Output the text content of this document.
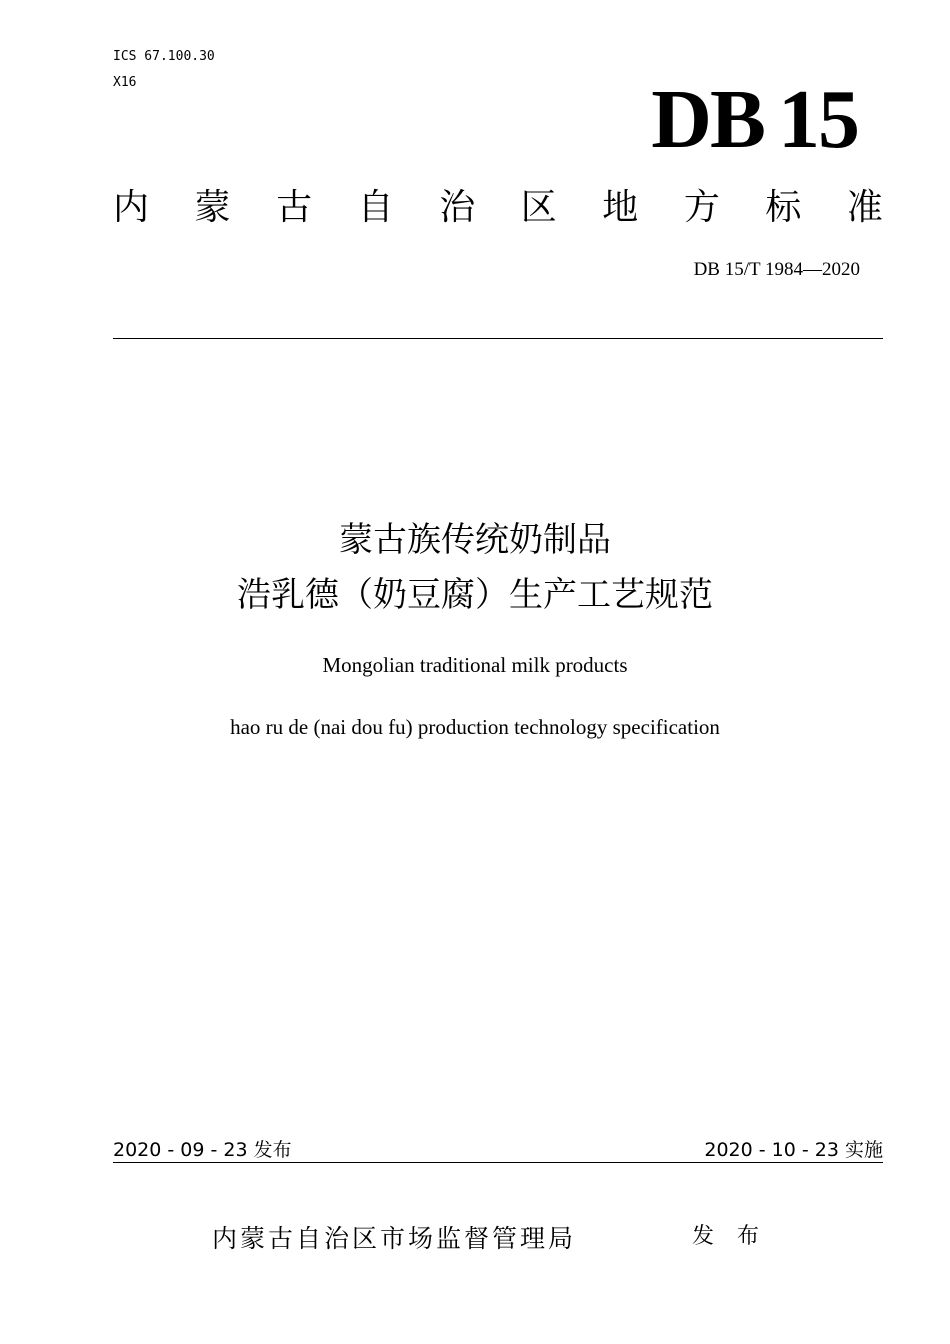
ICS 67.100.30
X16	DB 15
内 蒙 古 自 治 区 地 方 标 准
DB 15/T 1984—2020
蒙古族传统奶制品
浩乳德（奶豆腐）生产工艺规范
Mongolian traditional milk products
hao ru de (nai dou fu) production technology specification
2020 - 09 - 23 发布	2020 - 10 - 23 实施
内蒙古自治区市场监督管理局	发 布
